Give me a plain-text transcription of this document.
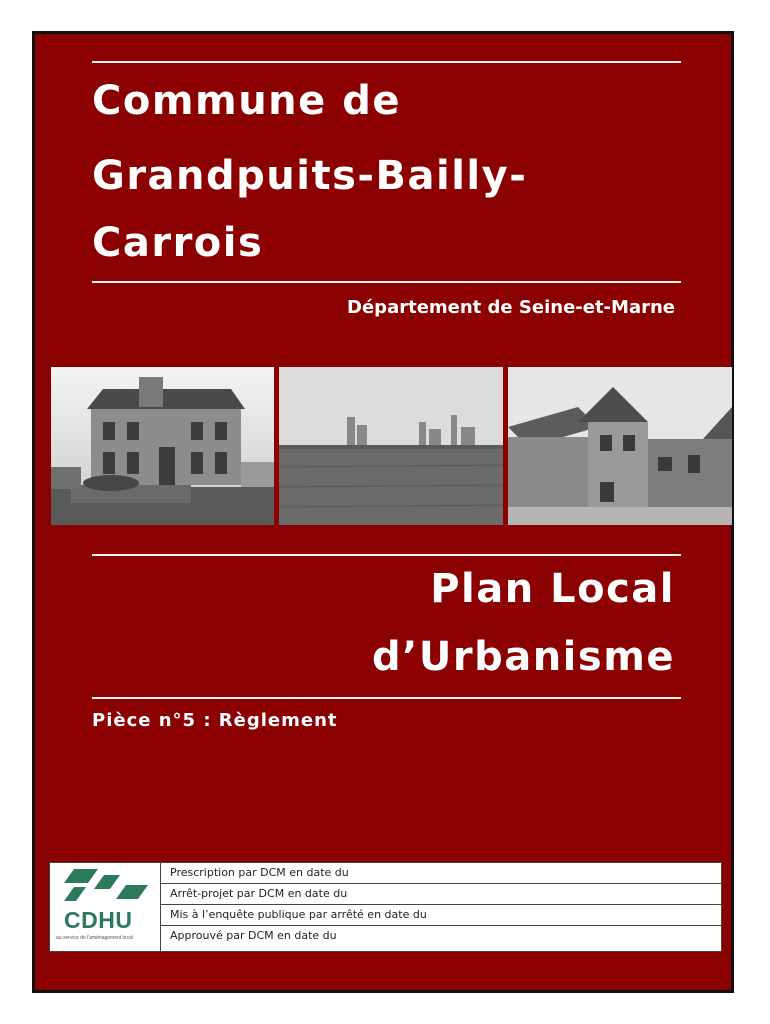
Commune de
Grandpuits-Bailly-
Carrois
Département de Seine-et-Marne
Plan Local
d’Urbanisme
Pièce n°5 : Règlement
CDHU
au service de l'aménagement local
Prescription par DCM en date du
Arrêt-projet par DCM en date du
Mis à l’enquête publique par arrêté en date du
Approuvé par DCM en date du
